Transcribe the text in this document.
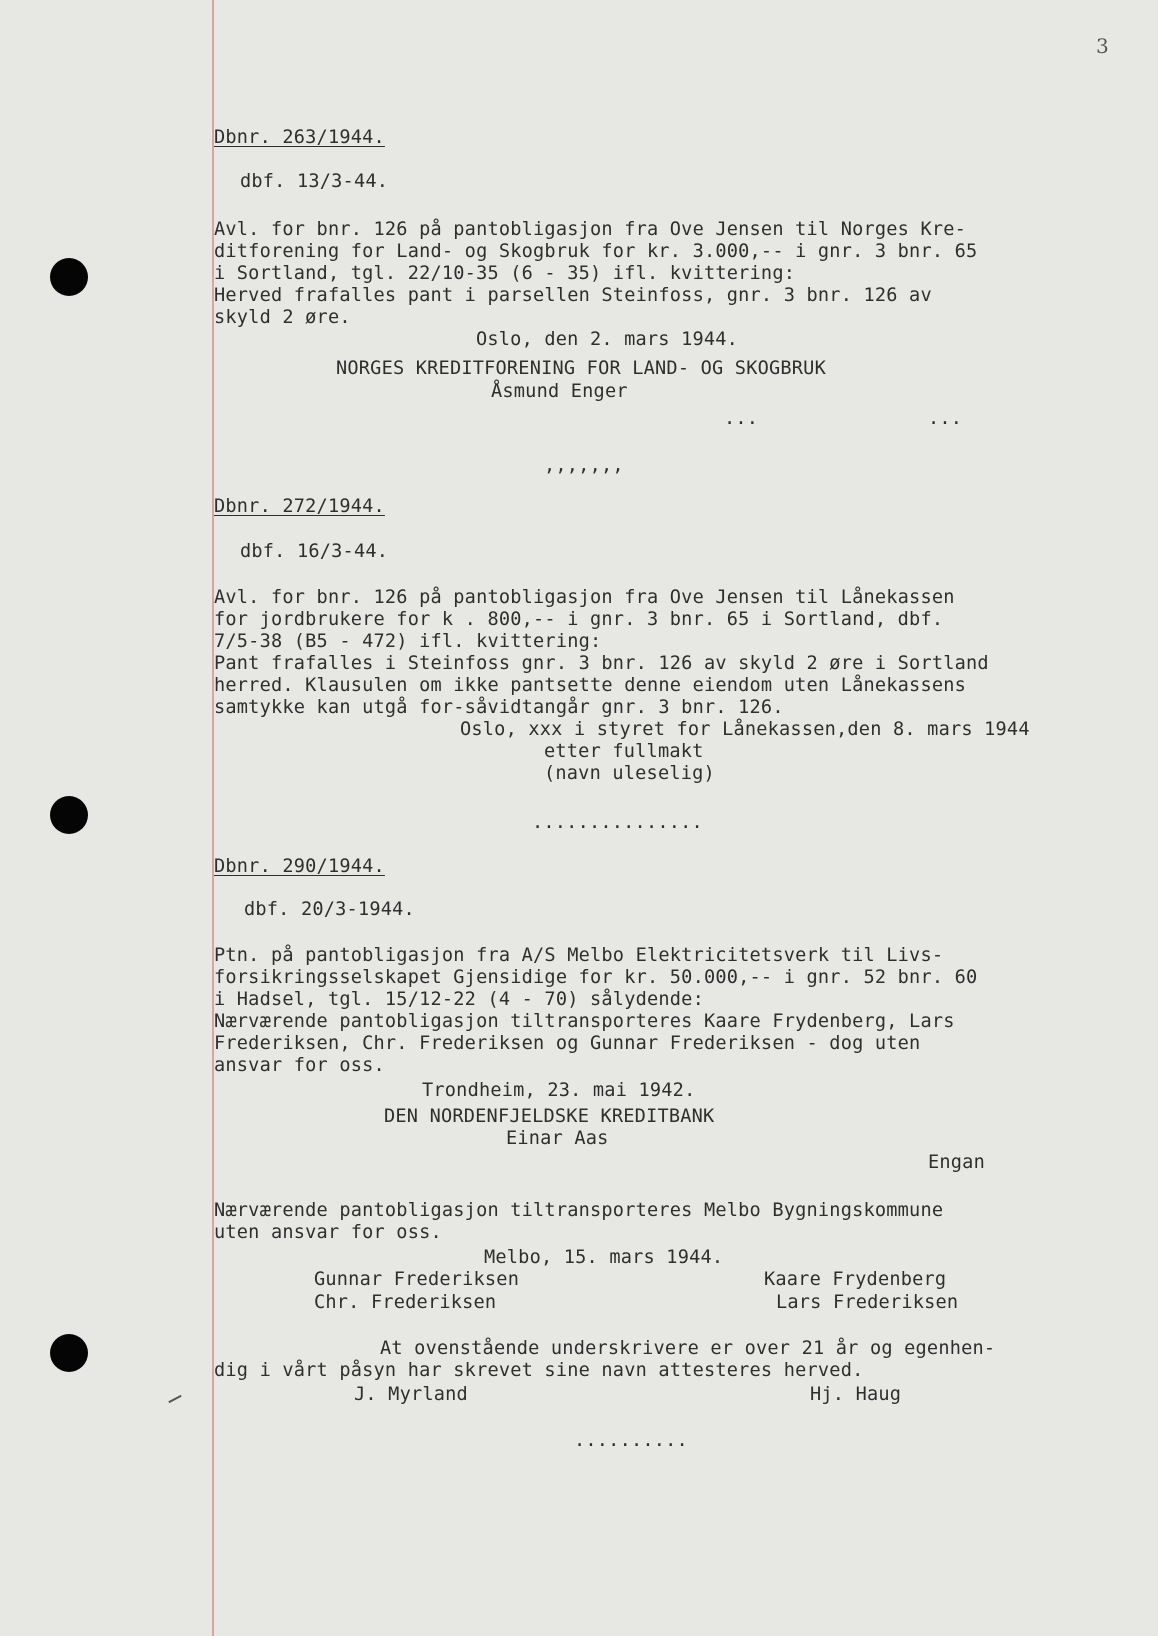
3
Dbnr. 263/1944.
dbf. 13/3-44.
Avl. for bnr. 126 på pantobligasjon fra Ove Jensen til Norges Kre-
ditforening for Land- og Skogbruk for kr. 3.000,-- i gnr. 3 bnr. 65
i Sortland, tgl. 22/10-35 (6 - 35) ifl. kvittering:
Herved frafalles pant i parsellen Steinfoss, gnr. 3 bnr. 126 av
skyld 2 øre.
Oslo, den 2. mars 1944.
NORGES KREDITFORENING FOR LAND- OG SKOGBRUK
Åsmund Enger
...	...
,,,,,,,
Dbnr. 272/1944.
dbf. 16/3-44.
Avl. for bnr. 126 på pantobligasjon fra Ove Jensen til Lånekassen
for jordbrukere for k . 800,-- i gnr. 3 bnr. 65 i Sortland, dbf.
7/5-38 (B5 - 472) ifl. kvittering:
Pant frafalles i Steinfoss gnr. 3 bnr. 126 av skyld 2 øre i Sortland
herred. Klausulen om ikke pantsette denne eiendom uten Lånekassens
samtykke kan utgå for-såvidtangår gnr. 3 bnr. 126.
Oslo, xxx i styret for Lånekassen,den 8. mars 1944
etter fullmakt
(navn uleselig)
...............
Dbnr. 290/1944.
dbf. 20/3-1944.
Ptn. på pantobligasjon fra A/S Melbo Elektricitetsverk til Livs-
forsikringsselskapet Gjensidige for kr. 50.000,-- i gnr. 52 bnr. 60
i Hadsel, tgl. 15/12-22 (4 - 70) sålydende:
Nærværende pantobligasjon tiltransporteres Kaare Frydenberg, Lars
Frederiksen, Chr. Frederiksen og Gunnar Frederiksen - dog uten
ansvar for oss.
Trondheim, 23. mai 1942.
DEN NORDENFJELDSKE KREDITBANK
Einar Aas
Engan
Nærværende pantobligasjon tiltransporteres Melbo Bygningskommune
uten ansvar for oss.
Melbo, 15. mars 1944.
Gunnar Frederiksen	Kaare Frydenberg
Chr. Frederiksen	Lars Frederiksen
At ovenstående underskrivere er over 21 år og egenhen-
dig i vårt påsyn har skrevet sine navn attesteres herved.
J. Myrland	Hj. Haug
..........
